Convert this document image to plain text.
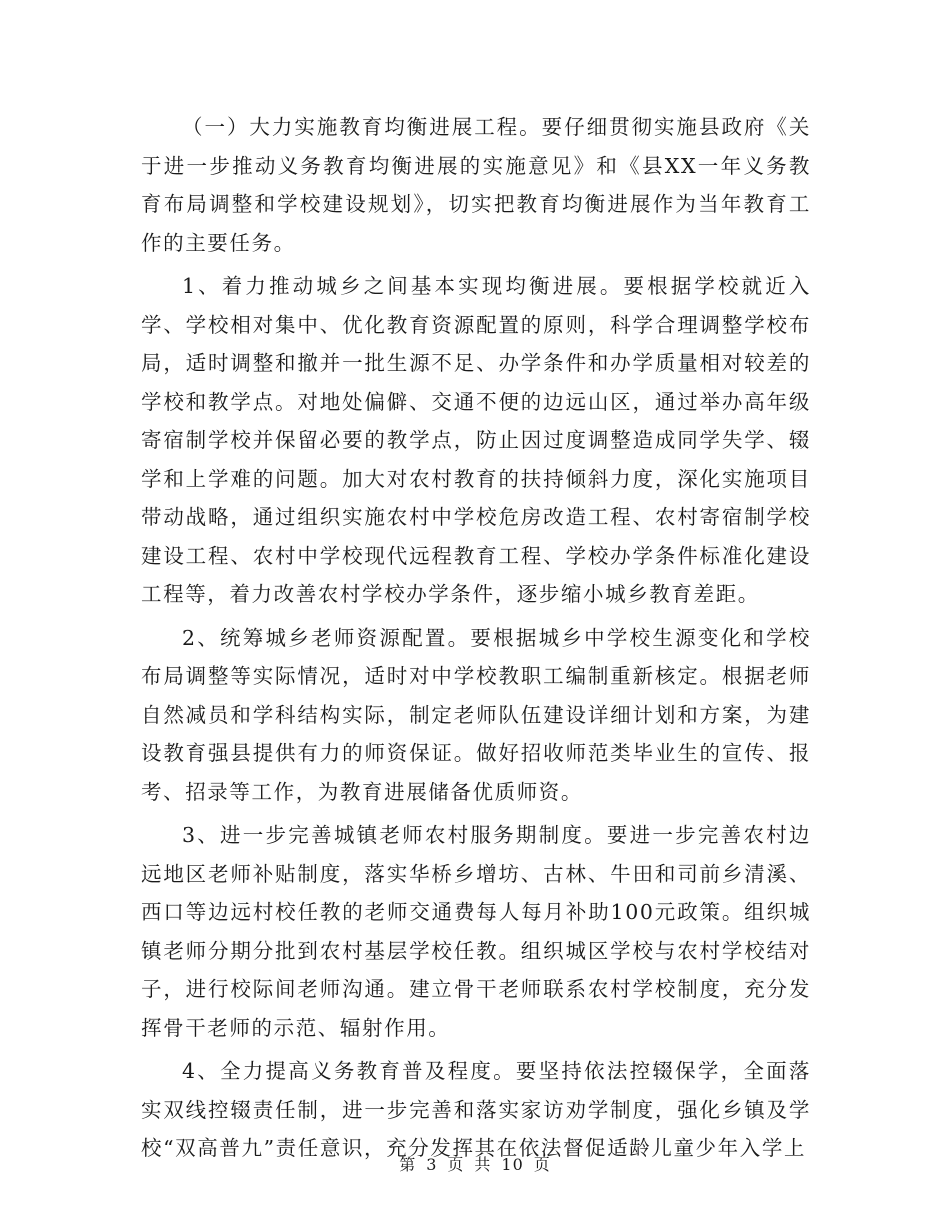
（一）大力实施教育均衡进展工程。要仔细贯彻实施县政府《关于进一步推动义务教育均衡进展的实施意见》和《县XX一年义务教育布局调整和学校建设规划》，切实把教育均衡进展作为当年教育工作的主要任务。

1、着力推动城乡之间基本实现均衡进展。要根据学校就近入学、学校相对集中、优化教育资源配置的原则，科学合理调整学校布局，适时调整和撤并一批生源不足、办学条件和办学质量相对较差的学校和教学点。对地处偏僻、交通不便的边远山区，通过举办高年级寄宿制学校并保留必要的教学点，防止因过度调整造成同学失学、辍学和上学难的问题。加大对农村教育的扶持倾斜力度，深化实施项目带动战略，通过组织实施农村中学校危房改造工程、农村寄宿制学校建设工程、农村中学校现代远程教育工程、学校办学条件标准化建设工程等，着力改善农村学校办学条件，逐步缩小城乡教育差距。

2、统筹城乡老师资源配置。要根据城乡中学校生源变化和学校布局调整等实际情况，适时对中学校教职工编制重新核定。根据老师自然减员和学科结构实际，制定老师队伍建设详细计划和方案，为建设教育强县提供有力的师资保证。做好招收师范类毕业生的宣传、报考、招录等工作，为教育进展储备优质师资。

3、进一步完善城镇老师农村服务期制度。要进一步完善农村边远地区老师补贴制度，落实华桥乡增坊、古林、牛田和司前乡清溪、西口等边远村校任教的老师交通费每人每月补助100元政策。组织城镇老师分期分批到农村基层学校任教。组织城区学校与农村学校结对子，进行校际间老师沟通。建立骨干老师联系农村学校制度，充分发挥骨干老师的示范、辐射作用。

4、全力提高义务教育普及程度。要坚持依法控辍保学，全面落实双线控辍责任制，进一步完善和落实家访劝学制度，强化乡镇及学校“双高普九”责任意识，充分发挥其在依法督促适龄儿童少年入学上

第 3 页 共 10 页
